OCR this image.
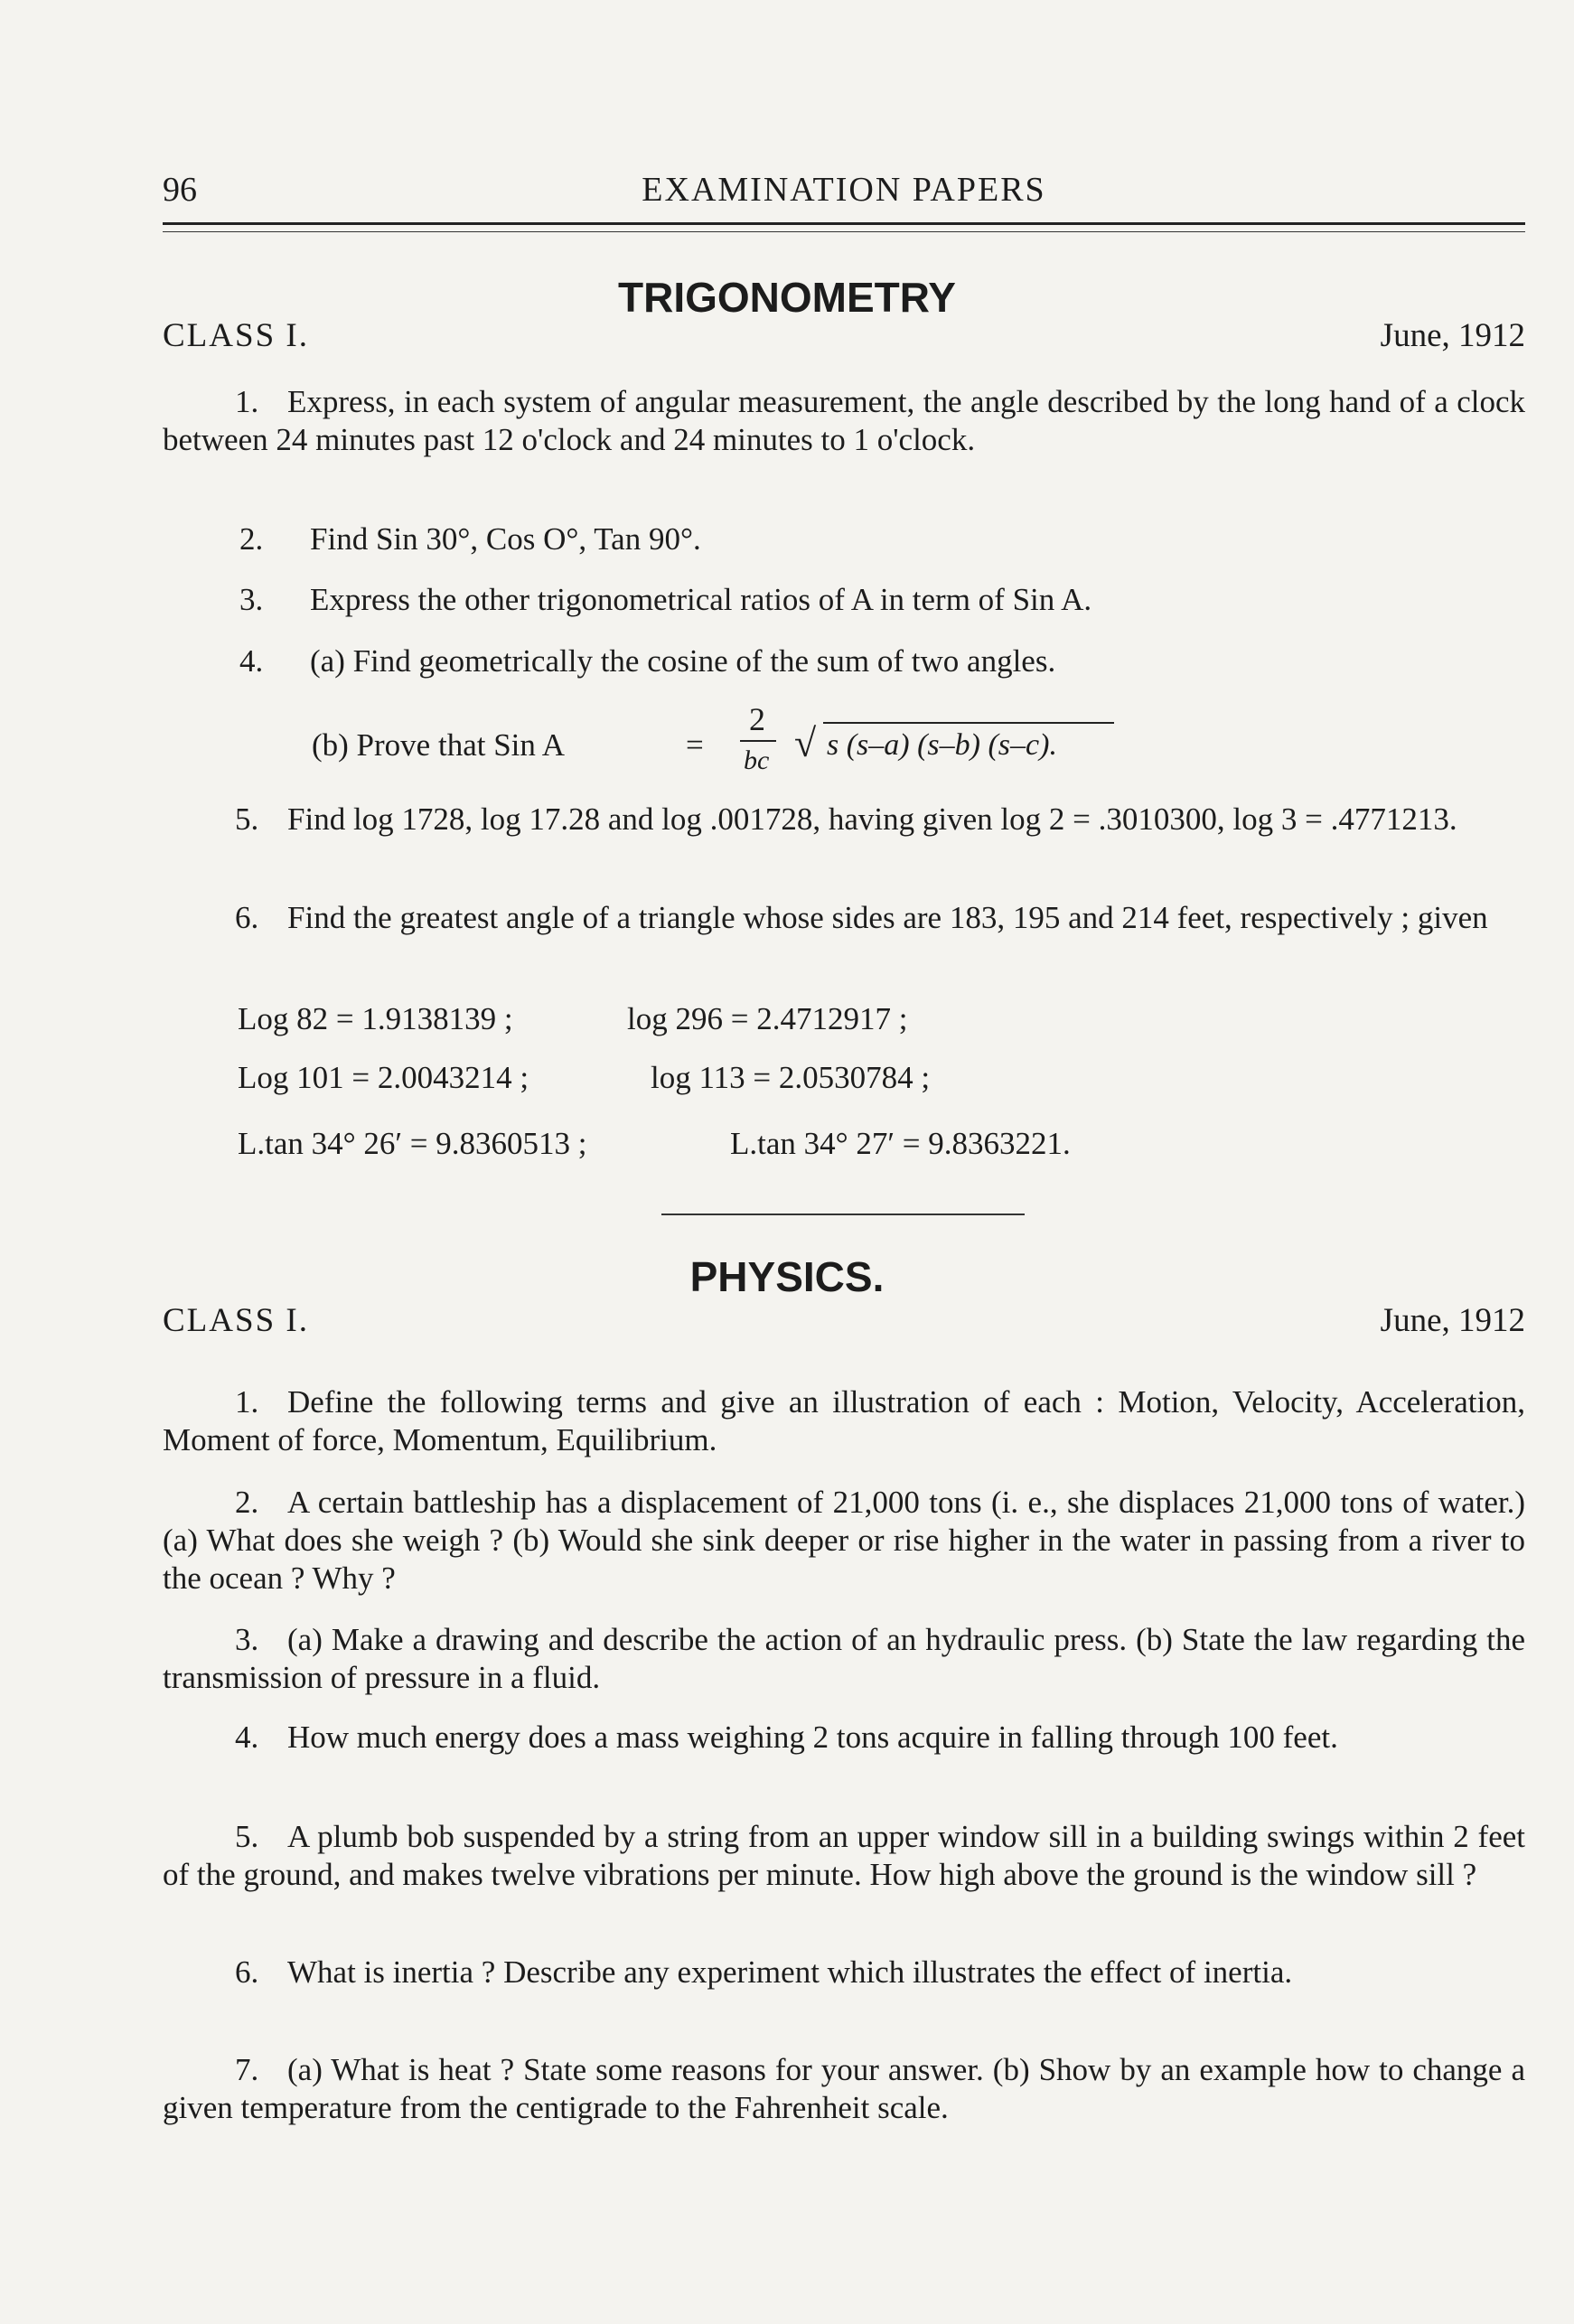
96	EXAMINATION PAPERS
TRIGONOMETRY
CLASS I.	June, 1912

1. Express, in each system of angular measurement, the angle described by the long hand of a clock between 24 minutes past 12 o'clock and 24 minutes to 1 o'clock.

2. Find Sin 30°, Cos O°, Tan 90°.
3. Express the other trigonometrical ratios of A in term of Sin A.
4. (a) Find geometrically the cosine of the sum of two angles.
(b) Prove that Sin A	=
2
bc √ s (s–a) (s–b) (s–c).

5. Find log 1728, log 17.28 and log .001728, having given log 2 = .3010300, log 3 = .4771213.

6. Find the greatest angle of a triangle whose sides are 183, 195 and 214 feet, respectively ; given

Log 82 = 1.9138139 ;	log 296 = 2.4712917 ;
Log 101 = 2.0043214 ;	log 113 = 2.0530784 ;
L.tan 34° 26′ = 9.8360513 ;	L.tan 34° 27′ = 9.8363221.
PHYSICS.
CLASS I.	June, 1912

1. Define the following terms and give an illustration of each : Motion, Velocity, Acceleration, Moment of force, Momentum, Equilibrium.

2. A certain battleship has a displacement of 21,000 tons (i. e., she displaces 21,000 tons of water.) (a) What does she weigh ? (b) Would she sink deeper or rise higher in the water in passing from a river to the ocean ? Why ?

3. (a) Make a drawing and describe the action of an hydraulic press. (b) State the law regarding the transmission of pressure in a fluid.

4. How much energy does a mass weighing 2 tons acquire in falling through 100 feet.

5. A plumb bob suspended by a string from an upper window sill in a building swings within 2 feet of the ground, and makes twelve vibrations per minute. How high above the ground is the window sill ?

6. What is inertia ? Describe any experiment which illustrates the effect of inertia.

7. (a) What is heat ? State some reasons for your answer. (b) Show by an example how to change a given temperature from the centigrade to the Fahrenheit scale.
